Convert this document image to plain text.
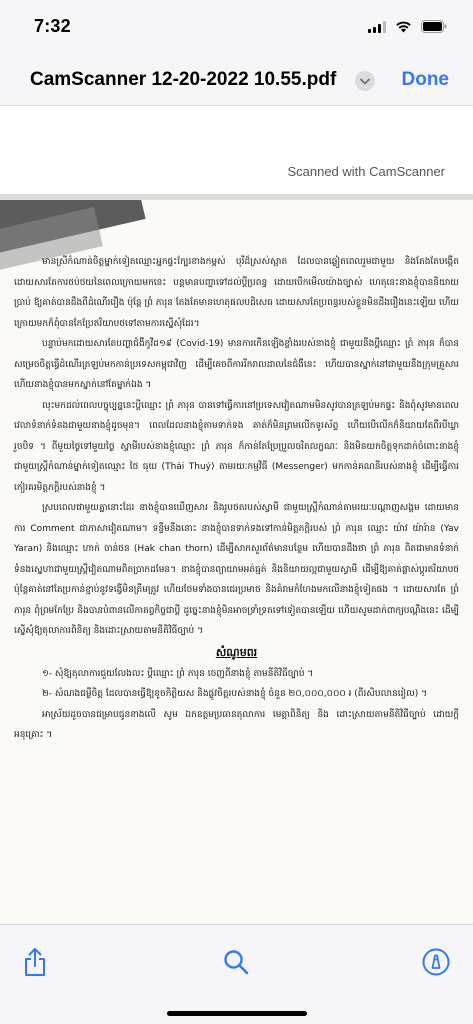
7:32
CamScanner 12-20-2022 10.55.pdf	Done
Scanned with CamScanner

មានស្រីកំណាន់ចិត្តម្នាក់ទៀតឈ្មោះអ្នកផ្ទះក្បែរខាងកម្ពស់ បុរីដ៏ស្រស់ស្អាត ដែលបានឆ្លៀតពេលរួមជាមួយ និងតែងតែបង្កើតដោយសារតែការថប់ថយនៃពេលក្រោយមកនេះ បន្តមានបញ្ហាទៅដល់ប្ដីប្រពន្ធ ដោយបើកមើលយ៉ាងច្បាស់ ហេតុនេះនាងខ្ញុំបាននិយាយប្រាប់ ឱ្យគាត់បានដឹងពីដំណើររឿង ប៉ុន្តែ ព្រំ ភារុន តែងតែមានហេតុផលបដិសេធ ដោយសារតែប្រពន្ធរបស់ខ្លួនមិនដឹងរឿងនេះឡើយ ហើយក្រោយមកក៏ពុំបានកែប្រែឥរិយាបថទៅតាមការស្នើសុំដែរ។

បន្ទាប់មកដោយសារតែបញ្ហាជំងឺកូវីដ១៩ (Covid-19) មានការកើនឡើងខ្លាំងរបស់នាងខ្ញុំ ជាមួយនឹងប្ដីឈ្មោះ ព្រំ ភារុន ក៏បានសម្រេចចិត្តធ្វើដំណើរត្រឡប់មកកាន់ប្រទេសកម្ពុជាវិញ ដើម្បីគេចពីការរីករាលដាលនៃជំងឺនេះ ហើយបានស្នាក់នៅជាមួយនឹងក្រុមគ្រួសារ ហើយនាងខ្ញុំបានមកស្នាក់នៅតែម្នាក់ឯង ។

លុះមកដល់ពេលបច្ចុប្បន្ននេះប្ដីឈ្មោះ ព្រំ ភារុន បានទៅធ្វើការនៅប្រទេសវៀតណាមមិនសូវបានត្រឡប់មកផ្ទះ និងពុំសូវមានពេលវេលាទំនាក់ទំនងជាមួយនាងខ្ញុំដូចមុន។ ពេលដែលនាងខ្ញុំតាមទាក់ទង គាត់ក៏មិនព្រមលើកទូរស័ព្ទ ហើយបើលើកក៏និយាយតែពីរបីឃ្លារួចបិទ ។ ពីមួយថ្ងៃទៅមួយថ្ងៃ ស្វាមីរបស់នាងខ្ញុំឈ្មោះ ព្រំ ភារុន ក៏កាន់តែប្រែប្រួលចរិតលក្ខណៈ និងមិនយកចិត្តទុកដាក់ចំពោះនាងខ្ញុំ ជាមួយស្ត្រីកំណាន់ម្នាក់ទៀតឈ្មោះ ថៃ ធុយ (Thái Thuỷ) តាមរយៈកម្មវិធី (Messenger) មកកាន់គណនីរបស់នាងខ្ញុំ ដើម្បីធ្វើការកៀរគរមិត្តភក្តិរបស់នាងខ្ញុំ ។

ស្របពេលជាមួយគ្នានោះដែរ នាងខ្ញុំបានឃើញសារ និងរូបថតរបស់ស្វាមី ជាមួយស្ត្រីកំណាន់តាមរយៈបណ្ដាញសង្គម ដោយមានការ Comment ជាភាសាវៀតណាម។ ទន្ទឹមនឹងនោះ នាងខ្ញុំបានទាក់ទងទៅកាន់មិត្តភក្តិរបស់ ព្រំ ភារុន ឈ្មោះ យ៉ាវ យ៉ារ៉ាន (Yav Yaran) និងឈ្មោះ ហាក់ ចាន់ថន (Hak chan thorn) ដើម្បីសាកសួរព័ត៌មានបន្ថែម ហើយបានដឹងថា ព្រំ ភារុន ពិតជាមានទំនាក់ទំនងស្នេហាជាមួយស្ត្រីវៀតណាមពិតប្រាកដមែន។ នាងខ្ញុំបានព្យាយាមអត់ធ្មត់ និងនិយាយល្អជាមួយស្វាមី ដើម្បីឱ្យគាត់ផ្លាស់ប្ដូរឥរិយាបថ ប៉ុន្តែគាត់នៅតែប្រកាន់ខ្ជាប់នូវទង្វើមិនត្រឹមត្រូវ ហើយថែមទាំងបានជេរប្រមាថ និងគំរាមកំហែងមកលើនាងខ្ញុំទៀតផង ។ ដោយសារតែ ព្រំ ភារុន ពុំព្រមកែប្រែ និងបានបំពានលើកាតព្វកិច្ចជាប្ដី ដូច្នេះនាងខ្ញុំមិនអាចទ្រាំទ្រតទៅទៀតបានឡើយ ហើយសូមដាក់ពាក្យបណ្ដឹងនេះ ដើម្បីស្នើសុំឱ្យតុលាការពិនិត្យ និងដោះស្រាយតាមនីតិវិធីច្បាប់ ។

សំណូមពរ
១- សុំឱ្យតុលាការជួយលែងលះ ប្ដីឈ្មោះ ព្រំ ភារុន ចេញពីនាងខ្ញុំ តាមនីតិវិធីច្បាប់ ។
២- សំណងជម្ងឺចិត្ត ដែលបានធ្វើឱ្យខូចកិត្តិយស និងផ្លូវចិត្តរបស់នាងខ្ញុំ ចំនួន ២០,០០០,០០០ ៛ (ពីរសិបលានរៀល) ។

អាស្រ័យដូចបានជម្រាបជូនខាងលើ សូម ឯកឧត្តមប្រធានតុលាការ មេត្តាពិនិត្យ និង ដោះស្រាយតាមនីតិវិធីច្បាប់ ដោយក្ដីអនុគ្រោះ ។
